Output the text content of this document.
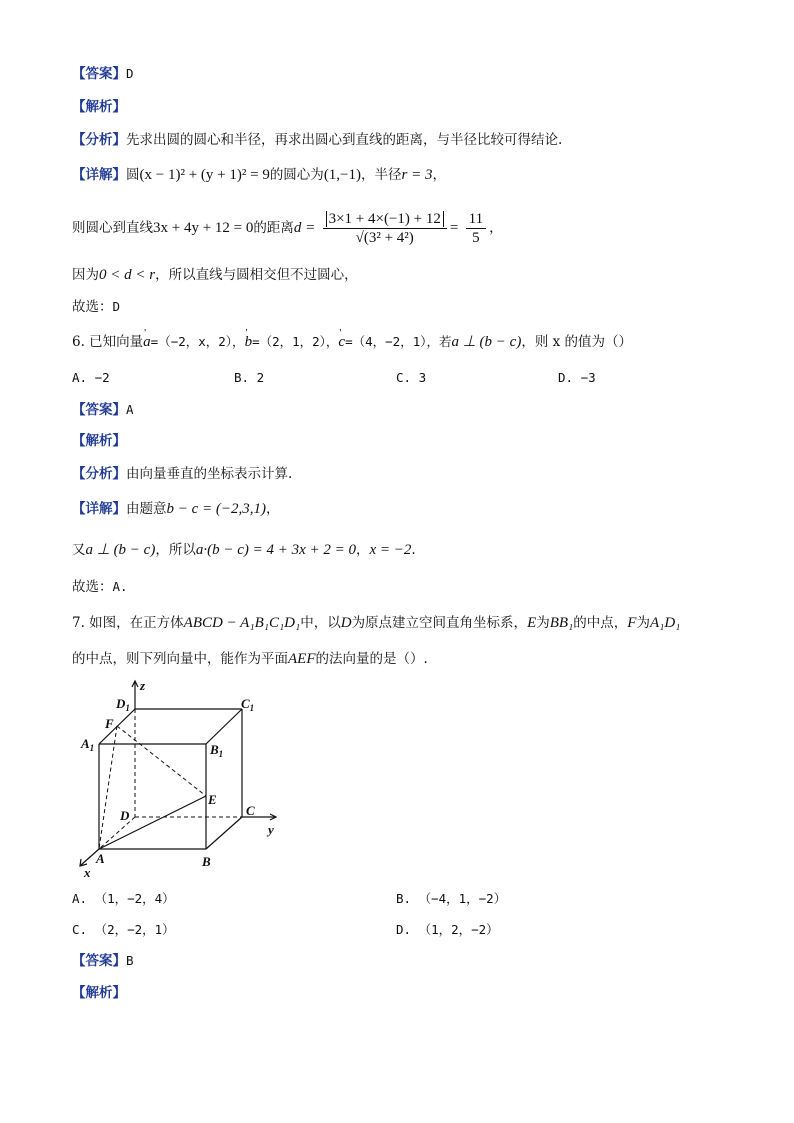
【答案】D
【解析】
【分析】先求出圆的圆心和半径，再求出圆心到直线的距离，与半径比较可得结论.
【详解】圆(x − 1)² + (y + 1)² = 9的圆心为(1,−1)，半径r = 3，
则圆心到直线3x + 4y + 12 = 0的距离$d = \frac{3\times 1 + 4\times(-1) + 12}{\text{√(3² + 4²)}} = \frac{11}{5}$ ，
因为0 < d < r，所以直线与圆相交但不过圆心，
故选：D
6. 已知向量' a=（−2，x，2），' b=（2，1，2），' c=（4，−2，1），若a ⊥ (b − c)，则 x 的值为（）
A. −2	B. 2	C. 3	D. −3
【答案】A
【解析】
【分析】由向量垂直的坐标表示计算.
【详解】由题意b − c = (−2,3,1)，
又a ⊥ (b − c)，所以a·(b − c) = 4 + 3x + 2 = 0，x = −2.
故选：A.
7. 如图，在正方体ABCD − A₁B₁C₁D₁中，以D为原点建立空间直角坐标系，E为BB₁的中点，F为A₁D₁
的中点，则下列向量中，能作为平面AEF的法向量的是（）.
z
y
x
$D_1$	$C_1$
$A_1$	$B_1$
F
E
D	C
A	B
A. （1，−2，4）	B. （−4，1，−2）
C. （2，−2，1）	D. （1，2，−2）
【答案】B
【解析】
